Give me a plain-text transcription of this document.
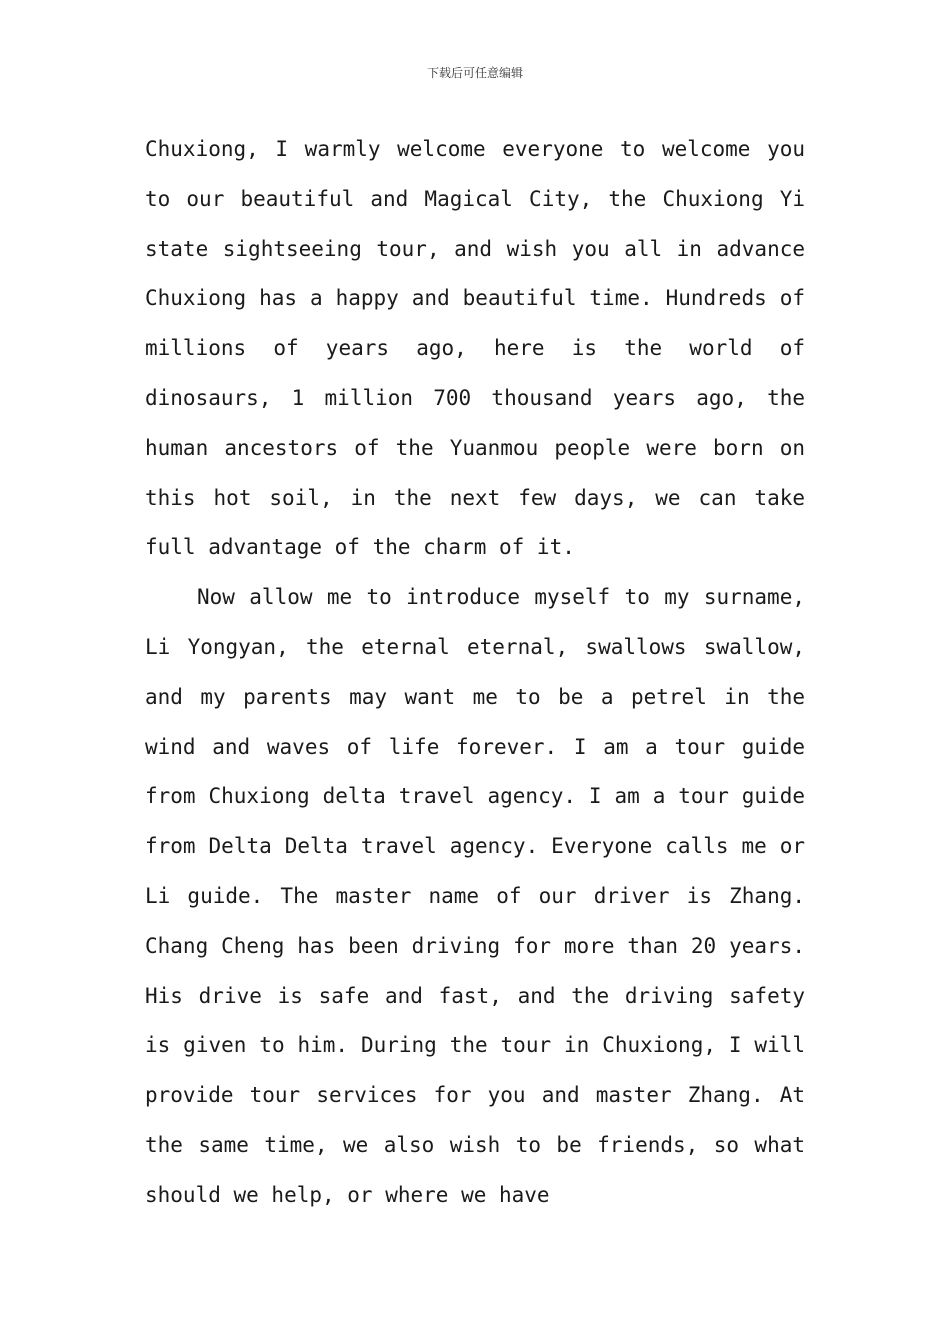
下载后可任意编辑

Chuxiong, I warmly welcome everyone to welcome you to our beautiful and Magical City, the Chuxiong Yi state sightseeing tour, and wish you all in advance Chuxiong has a happy and beautiful time. Hundreds of millions of years ago, here is the world of dinosaurs, 1 million 700 thousand years ago, the human ancestors of the Yuanmou people were born on this hot soil, in the next few days, we can take full advantage of the charm of it.

Now allow me to introduce myself to my surname, Li Yongyan, the eternal eternal, swallows swallow, and my parents may want me to be a petrel in the wind and waves of life forever. I am a tour guide from Chuxiong delta travel agency. I am a tour guide from Delta Delta travel agency. Everyone calls me or Li guide. The master name of our driver is Zhang. Chang Cheng has been driving for more than 20 years. His drive is safe and fast, and the driving safety is given to him. During the tour in Chuxiong, I will provide tour services for you and master Zhang. At the same time, we also wish to be friends, so what should we help, or where we have
